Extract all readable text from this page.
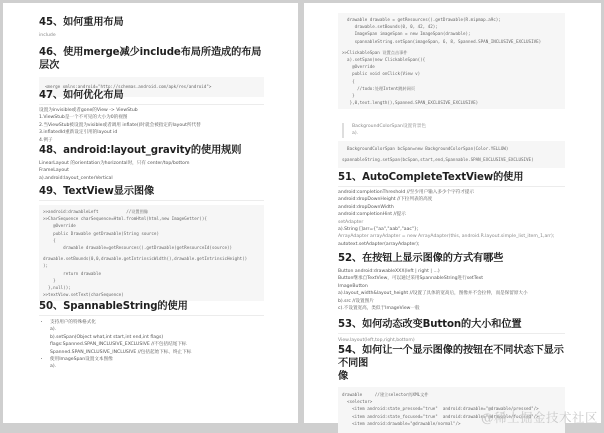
45、如何重用布局

include

46、使用merge减少include布局所造成的布局层次
<merge xmlns:android="http://schemas.android.com/apk/res/android">
47、如何优化布局

设置为invisible或者gone的View -> ViewStub

1.ViewStub是一个不可见的大小为0的视图

2.当ViewStub被设置为visible或者调用 inflate()时就会被指定的layout所代替

3.inflatedId重新设定引用的layout id

4.例子

48、android:layout_gravity的使用规则

LinearLayout 的orientation为horizontal时，只有 center/top/bottom

FrameLayout

a).android:layout_centerVertical

49、TextView显示图像
>>android:drawableLeft           //设置图像
>>CharSequence charSequence=Html.fromHtml(html,new ImageGetter(){
@Override
public Drawable getDrawable(String source)
{
drawable drawable=getResources().getDrawable(getResourceId(source))
drawable.setBounds(0,0,drawable.getIntrinsicWidth(),drawable.getIntrinsicHeight()
);
return drawable
}
},null));
>>textView.setText(charSequence)
50、SpannableString的使用
• 支持用户的特殊格式化

a).

b).setSpan(Object what,int start,int end,int flags)

flags:Spanned.SPAN_INCLUSIVE_EXCLUSIVE //不包括结尾下标

Spanned.SPAN_INCLUSIVE_INCLUSIVE //包括起始下标、终止下标

• 使用ImageSpan设置文本图像

a).

drawable drawable = getResources().getDrawable(R.mipmap.a9c);
drawable.setBounds(0, 0, 42, 42);
ImageSpan imageSpan = new ImageSpan(drawable);
spannableString.setSpan(imageSpan, 6, 8, Spanned.SPAN_INCLUSIVE_EXCLUSIVE)
>>ClickableSpan 设置点击事件
a).setSpan(new ClickableSpan(){
@Override
public void onClick(View v)
{
//todo:处理Intent跳转网页
}
},0,text.length(),Spanned.SPAN_EXCLUSIVE_EXCLUSIVE)

BackgroundColorSpan设置背景色

a).

BackgroundColorSpan bcSpan=new BackgroundColorSpan(Color.YELLOW)
spannableString.setSpan(bcSpan,start,end,Spannable.SPAN_EXCLUSIVE_EXCLUSIVE)
51、AutoCompleteTextView的使用

android:completionThreshold //至少用户输入多少个字符才提示

android:dropDownHeight //下拉列表的高度

android:dropDownWidth

android:completionHint //提示

setAdapter

a).String []arr={"aa","aab","aac"};

ArrayAdapter arrayAdapter = new ArrayAdapter(this, android.R.layout.simple_list_item_1,arr);

autotext.setAdapter(arrayAdapter);

52、在按钮上显示图像的方式有哪些

Button android:drawableXXX(left | right | ...)

Button继承自TextView，可以通过采用SpannableString进行setText

ImageButton

a).layout_width&layout_height //设置了具体的宽高后，图像并不会拉伸，而是保留原大小

b).src //设置图片

c).不设置宽高，类似于ImageView一般

53、如何动态改变Button的大小和位置

View.layout(left,top,right,bottom)

54、如何让一个显示图像的按钮在不同状态下显示不同图
像
drawable     //建立selector的XML文件
<selector>
<item android:state_pressed="true"  android:drawable="@drawable/pressed"/>
<item android:state_focused="true"  android:drawable="@drawable/focused"/>
<item android:drawable="@drawable/normal"/>	@稀土掘金技术社区
